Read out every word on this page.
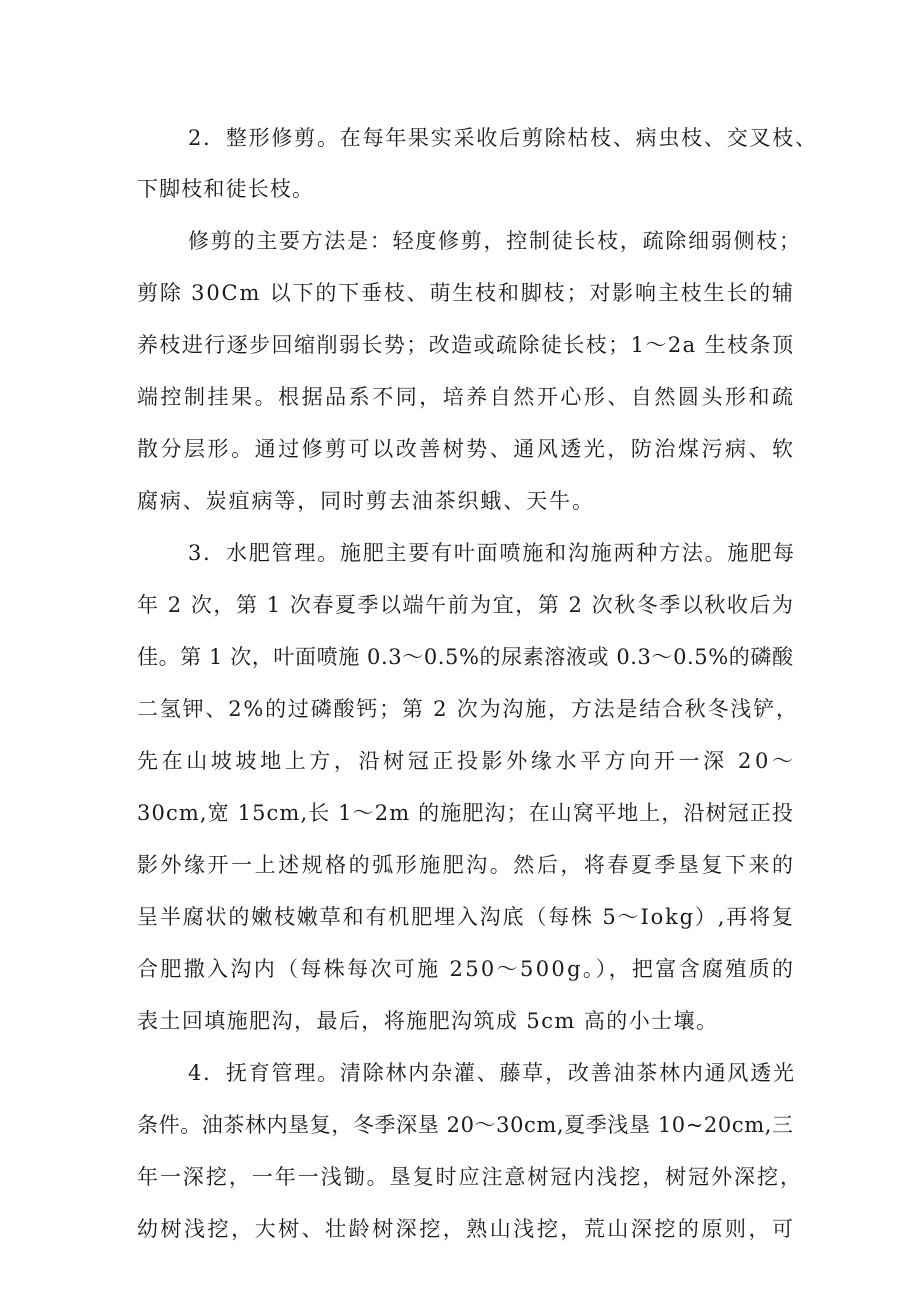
2．整形修剪。在每年果实采收后剪除枯枝、病虫枝、交叉枝、
下脚枝和徒长枝。
修剪的主要方法是：轻度修剪，控制徒长枝，疏除细弱侧枝；
剪除 30Cm 以下的下垂枝、萌生枝和脚枝；对影响主枝生长的辅
养枝进行逐步回缩削弱长势；改造或疏除徒长枝；1～2a 生枝条顶
端控制挂果。根据品系不同，培养自然开心形、自然圆头形和疏
散分层形。通过修剪可以改善树势、通风透光，防治煤污病、软
腐病、炭疽病等，同时剪去油茶织蛾、天牛。
3．水肥管理。施肥主要有叶面喷施和沟施两种方法。施肥每
年 2 次，第 1 次春夏季以端午前为宜，第 2 次秋冬季以秋收后为
佳。第 1 次，叶面喷施 0.3～0.5%的尿素溶液或 0.3～0.5%的磷酸
二氢钾、2%的过磷酸钙；第 2 次为沟施，方法是结合秋冬浅铲，
先在山坡坡地上方，沿树冠正投影外缘水平方向开一深 20～
30cm,宽 15cm,长 1～2m 的施肥沟；在山窝平地上，沿树冠正投
影外缘开一上述规格的弧形施肥沟。然后，将春夏季垦复下来的
呈半腐状的嫩枝嫩草和有机肥埋入沟底（每株 5～Iokg）,再将复
合肥撒入沟内（每株每次可施 250～500g。），把富含腐殖质的
表土回填施肥沟，最后，将施肥沟筑成 5cm 高的小士壤。
4．抚育管理。清除林内杂灌、藤草，改善油茶林内通风透光
条件。油茶林内垦复，冬季深垦 20～30cm,夏季浅垦 10~20cm,三
年一深挖，一年一浅锄。垦复时应注意树冠内浅挖，树冠外深挖，
幼树浅挖，大树、壮龄树深挖，熟山浅挖，荒山深挖的原则，可
